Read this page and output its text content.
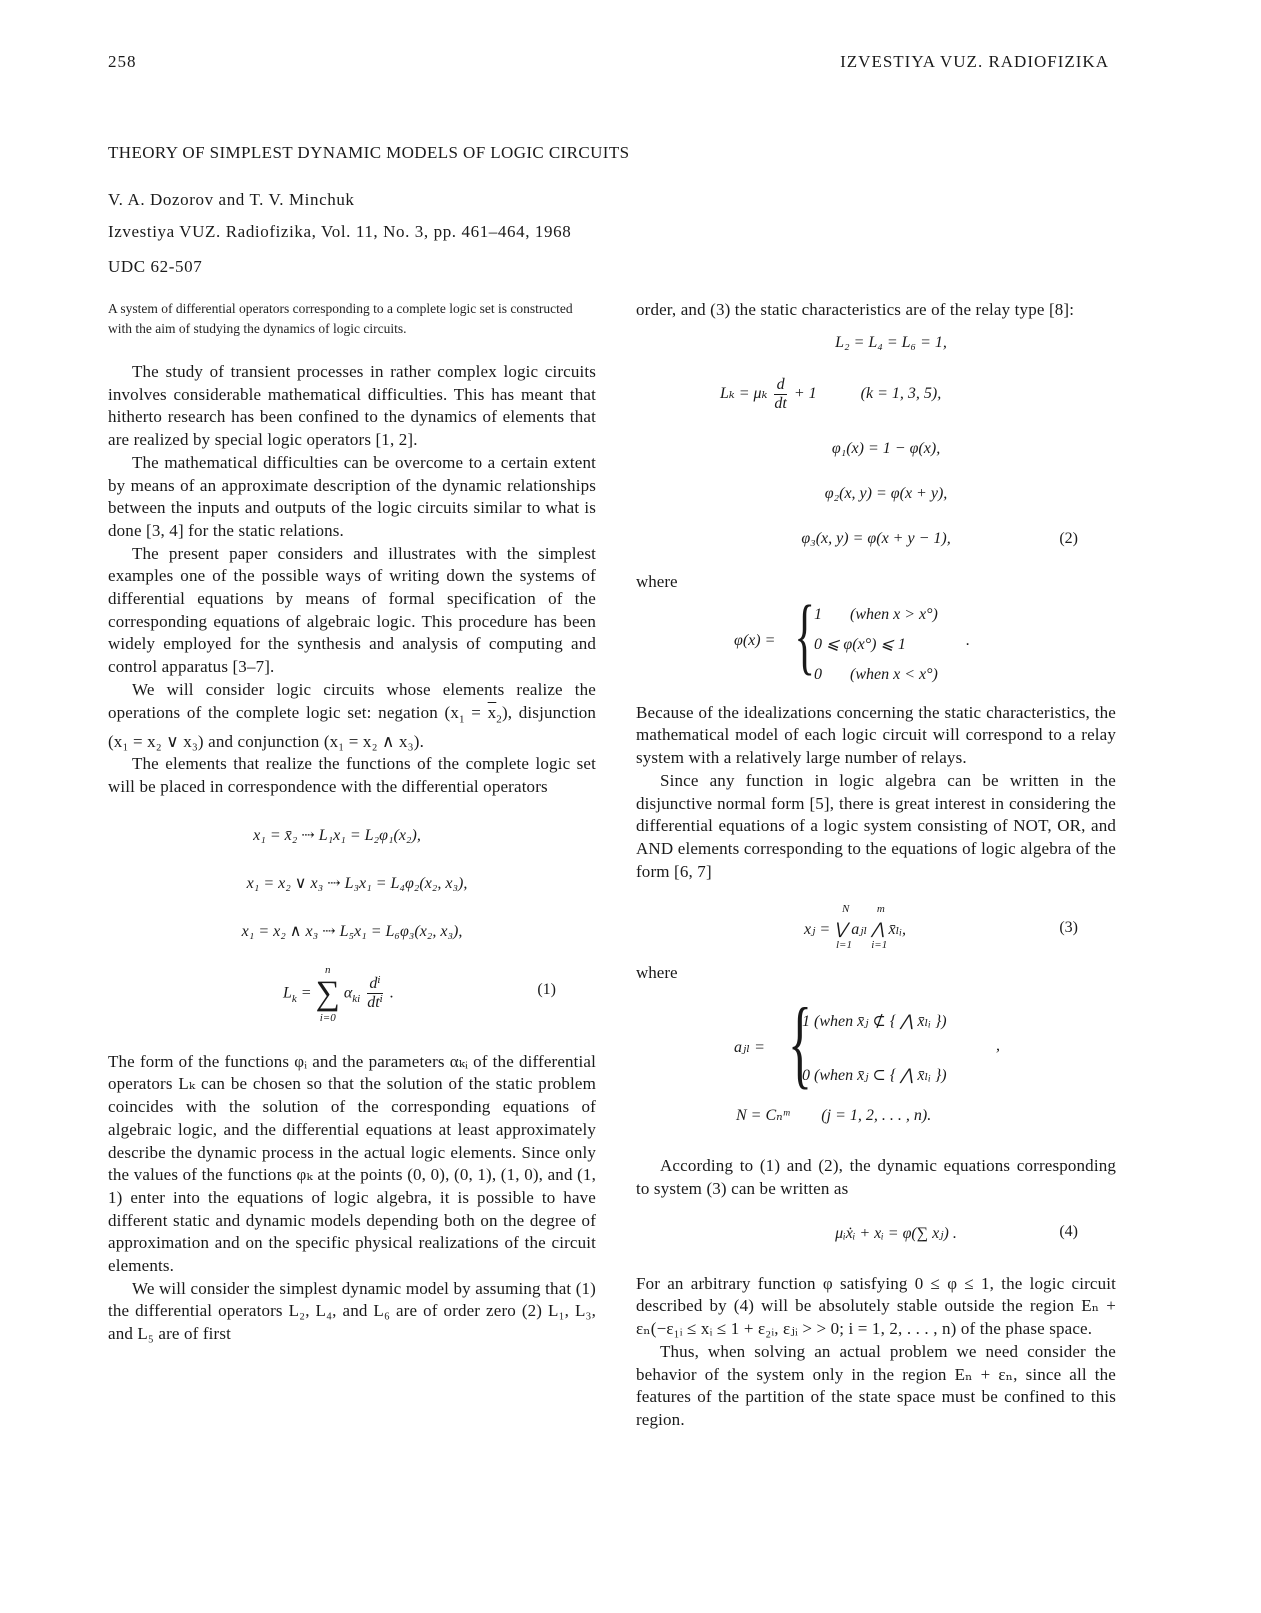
258	IZVESTIYA VUZ. RADIOFIZIKA
THEORY OF SIMPLEST DYNAMIC MODELS OF LOGIC CIRCUITS
V. A. Dozorov and T. V. Minchuk
Izvestiya VUZ. Radiofizika, Vol. 11, No. 3, pp. 461–464, 1968
UDC 62-507

A system of differential operators corresponding to a complete logic set is constructed with the aim of studying the dynamics of logic circuits.

The study of transient processes in rather complex logic circuits involves considerable mathematical difficulties. This has meant that hitherto research has been confined to the dynamics of elements that are realized by special logic operators [1, 2].

The mathematical difficulties can be overcome to a certain extent by means of an approximate description of the dynamic relationships between the inputs and outputs of the logic circuits similar to what is done [3, 4] for the static relations.

The present paper considers and illustrates with the simplest examples one of the possible ways of writing down the systems of differential equations by means of formal specification of the corresponding equations of algebraic logic. This procedure has been widely employed for the synthesis and analysis of computing and control apparatus [3–7].

We will consider logic circuits whose elements realize the operations of the complete logic set: negation $(x_1 = \overline{x}_2)$, disjunction (x₁ = x₂ ∨ x₃) and conjunction (x₁ = x₂ ∧ x₃).

The elements that realize the functions of the complete logic set will be placed in correspondence with the differential operators

x₁ = x̄₂ ⇢ L₁x₁ = L₂φ₁(x₂),
x₁ = x₂ ∨ x₃ ⇢ L₃x₁ = L₄φ₂(x₂, x₃),
x₁ = x₂ ∧ x₃ ⇢ L₅x₁ = L₆φ₃(x₂, x₃),
$L_k$ =
n
∑
i=0
$\alpha_{ki} \frac{\text{dⁱ}}{\text{dtⁱ}}$ .	(1)

The form of the functions φᵢ and the parameters αₖᵢ of the differential operators Lₖ can be chosen so that the solution of the static problem coincides with the solution of the corresponding equations of algebraic logic, and the differential equations at least approximately describe the dynamic process in the actual logic elements. Since only the values of the functions φₖ at the points (0, 0), (0, 1), (1, 0), and (1, 1) enter into the equations of logic algebra, it is possible to have different static and dynamic models depending both on the degree of approximation and on the specific physical realizations of the circuit elements.

We will consider the simplest dynamic model by assuming that (1) the differential operators L₂, L₄, and L₆ are of order zero (2) L₁, L₃, and L₅ are of first

order, and (3) the static characteristics are of the relay type [8]:

L₂ = L₄ = L₆ = 1,
Lₖ = μₖ $\frac{d}{dt} + 1$	(k = 1, 3, 5),
φ₁(x) = 1 − φ(x),
φ₂(x, y) = φ(x + y),
φ₃(x, y) = φ(x + y − 1),	(2)

where

φ(x) = { 1       (when x > x°)
0 ⩽ φ(x°) ⩽ 1
0       (when x < x°)
.

Because of the idealizations concerning the static characteristics, the mathematical model of each logic circuit will correspond to a relay system with a relatively large number of relays.

Since any function in logic algebra can be written in the disjunctive normal form [5], there is great interest in considering the differential equations of a logic system consisting of NOT, OR, and AND elements corresponding to the equations of logic algebra of the form [6, 7]

N          m
xⱼ = ⋁ aⱼₗ ⋀ x̄ₗᵢ,
l=1       i=1
(3)

where

aⱼₗ = {
1 (when x̄ⱼ ⊄ { ⋀ x̄ₗᵢ })
0 (when x̄ⱼ ⊂ { ⋀ x̄ₗᵢ })
,
N = Cₙᵐ        (j = 1, 2, . . . , n).

According to (1) and (2), the dynamic equations corresponding to system (3) can be written as

μᵢẋᵢ + xᵢ = φ(∑ xⱼ) .	(4)

For an arbitrary function φ satisfying 0 ≤ φ ≤ 1, the logic circuit described by (4) will be absolutely stable outside the region Eₙ + εₙ(−ε₁ᵢ ≤ xᵢ ≤ 1 + ε₂ᵢ, εⱼᵢ > > 0; i = 1, 2, . . . , n) of the phase space.

Thus, when solving an actual problem we need consider the behavior of the system only in the region Eₙ + εₙ, since all the features of the partition of the state space must be confined to this region.
